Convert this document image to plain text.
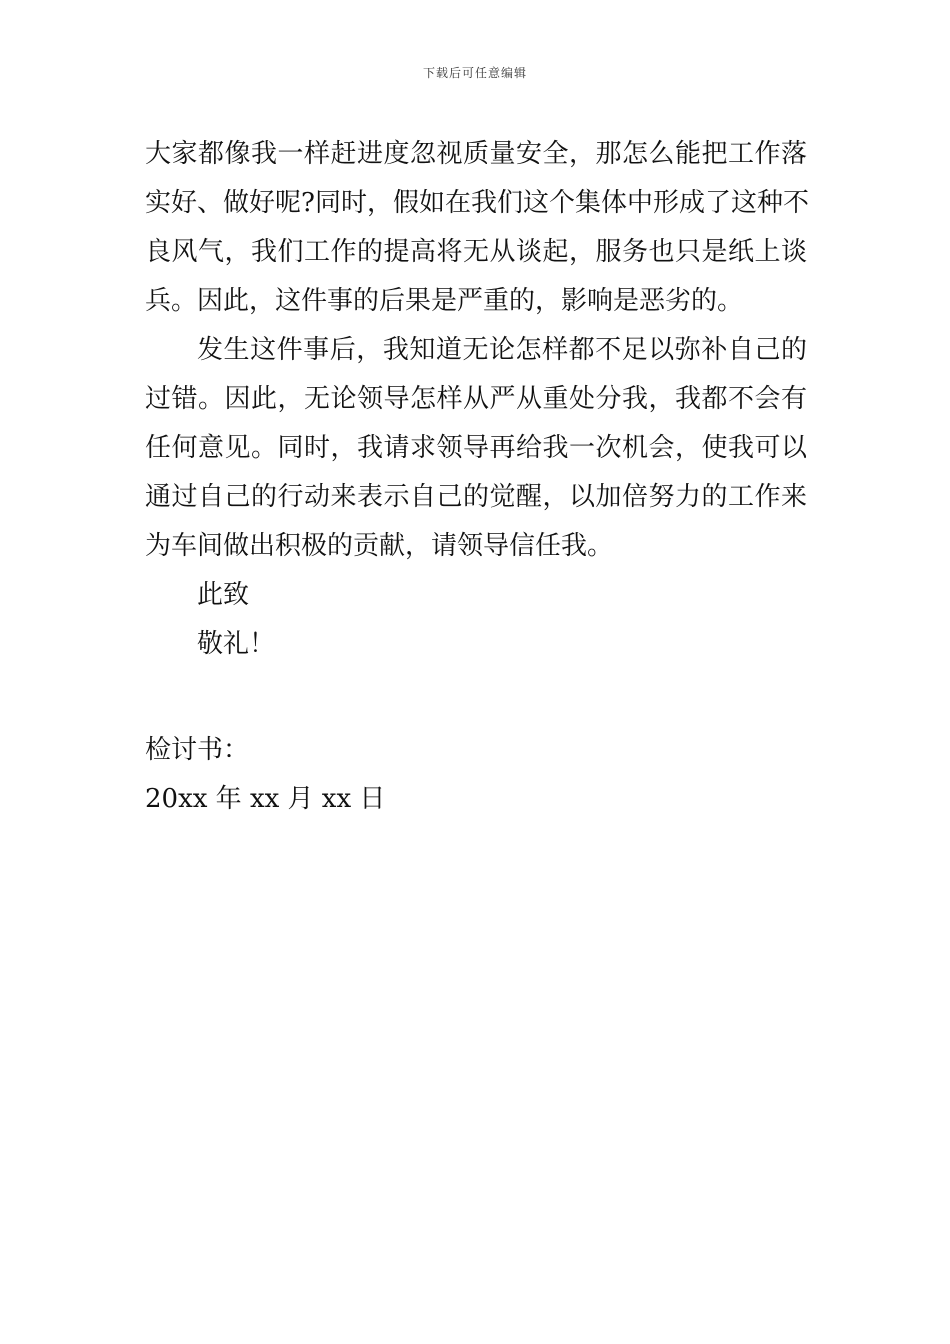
下载后可任意编辑

大家都像我一样赶进度忽视质量安全，那怎么能把工作落
实好、做好呢?同时，假如在我们这个集体中形成了这种不
良风气，我们工作的提高将无从谈起，服务也只是纸上谈
兵。因此，这件事的后果是严重的，影响是恶劣的。

发生这件事后，我知道无论怎样都不足以弥补自己的
过错。因此，无论领导怎样从严从重处分我，我都不会有
任何意见。同时，我请求领导再给我一次机会，使我可以
通过自己的行动来表示自己的觉醒，以加倍努力的工作来
为车间做出积极的贡献，请领导信任我。

此致

敬礼！

检讨书：
20xx 年 xx 月 xx 日
